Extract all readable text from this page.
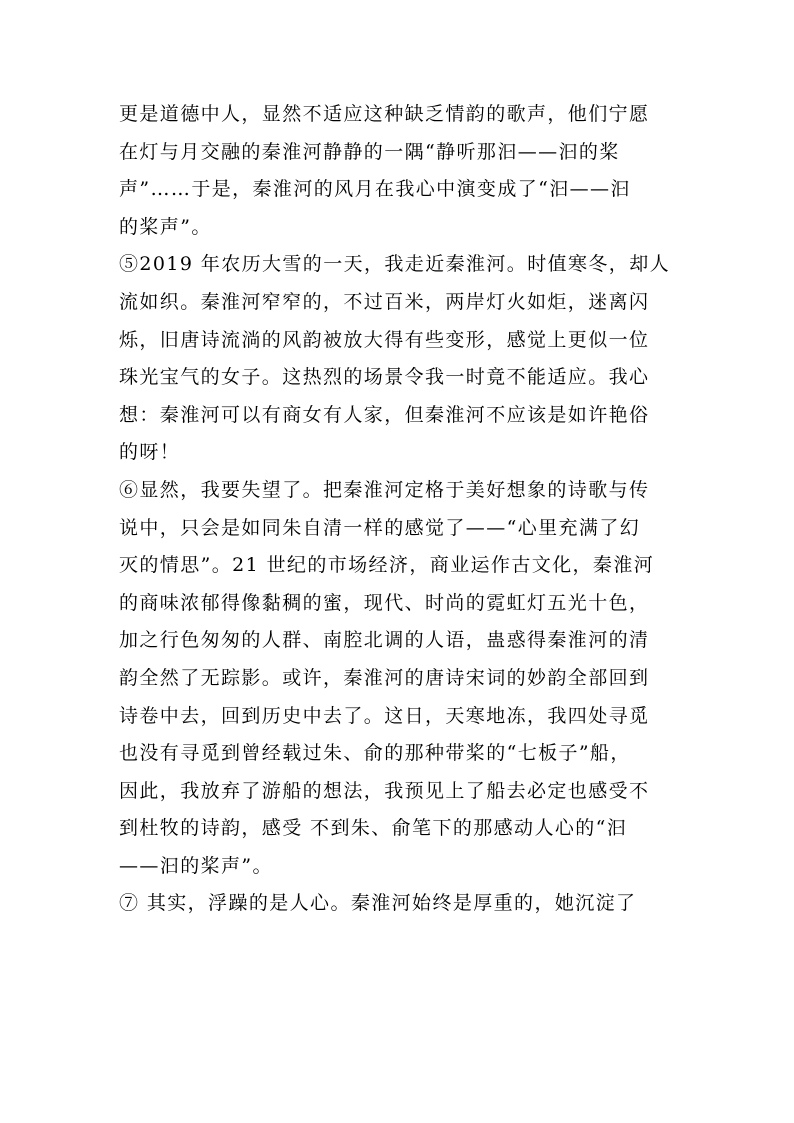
更是道德中人，显然不适应这种缺乏情韵的歌声，他们宁愿
在灯与月交融的秦淮河静静的一隅“静听那汩——汩的桨
声”……于是，秦淮河的风月在我心中演变成了“汩——汩
的桨声”。
⑤2019 年农历大雪的一天，我走近秦淮河。时值寒冬，却人
流如织。秦淮河窄窄的，不过百米，两岸灯火如炬，迷离闪
烁，旧唐诗流淌的风韵被放大得有些变形，感觉上更似一位
珠光宝气的女子。这热烈的场景令我一时竟不能适应。我心
想：秦淮河可以有商女有人家，但秦淮河不应该是如许艳俗
的呀！
⑥显然，我要失望了。把秦淮河定格于美好想象的诗歌与传
说中，只会是如同朱自清一样的感觉了——“心里充满了幻
灭的情思”。21 世纪的市场经济，商业运作古文化，秦淮河
的商味浓郁得像黏稠的蜜，现代、时尚的霓虹灯五光十色，
加之行色匆匆的人群、南腔北调的人语，蛊惑得秦淮河的清
韵全然了无踪影。或许，秦淮河的唐诗宋词的妙韵全部回到
诗卷中去，回到历史中去了。这日，天寒地冻，我四处寻觅
也没有寻觅到曾经载过朱、俞的那种带桨的“七板子”船，
因此，我放弃了游船的想法，我预见上了船去必定也感受不
到杜牧的诗韵，感受 不到朱、俞笔下的那感动人心的“汩
——汩的桨声”。
⑦ 其实，浮躁的是人心。秦淮河始终是厚重的，她沉淀了
